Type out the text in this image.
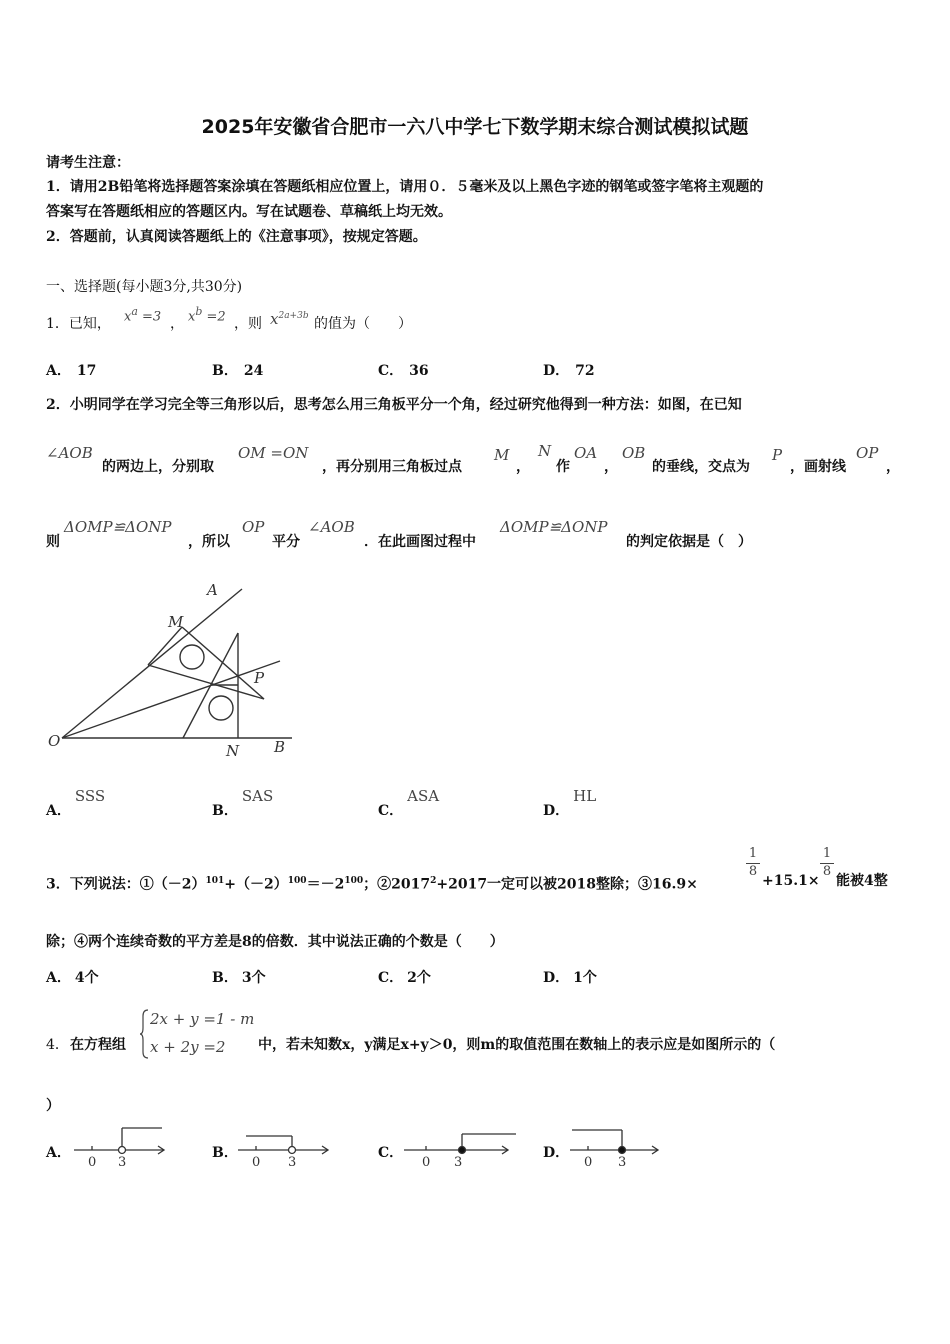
2025年安徽省合肥市一六八中学七下数学期末综合测试模拟试题
请考生注意：
1．请用2B铅笔将选择题答案涂填在答题纸相应位置上，请用０．５毫米及以上黑色字迹的钢笔或签字笔将主观题的
答案写在答题纸相应的答题区内。写在试题卷、草稿纸上均无效。
2．答题前，认真阅读答题纸上的《注意事项》，按规定答题。
一、选择题(每小题3分,共30分)
1．已知， $x^a =3$ ， $x^b =2$ ，则 x2a+3b 的值为（　　）
A． 17	B． 24	C． 36	D． 72
2．小明同学在学习完全等三角形以后，思考怎么用三角板平分一个角，经过研究他得到一种方法：如图，在已知
∠AOB
的两边上，分别取
OM =ON
，再分别用三角板过点
M
，
N
作
OA
，
OB
的垂线，交点为
P
，画射线
OP
，
则
ΔOMP≌ΔONP
，所以
OP
平分
∠AOB
．在此画图过程中
ΔOMP≌ΔONP
的判定依据是（　）
A
M
P
O
N B
A．SSS
B．SAS
C．ASA
D．HL
3．下列说法：$①(-2)^{101}+(-2)^{100}=-2^{100}$；$②2017^2+2017$一定可以被2018整除；③16.9×
1
8
+15.1×
1
8
能被4整
除；④两个连续奇数的平方差是8的倍数．其中说法正确的个数是（　　）
A． 4个	B． 3个	C． 2个	D． 1个
4． 在方程组
2x + y =1 - m
x + 2y =2 中，若未知数x，y满足x+y＞0，则m的取值范围在数轴上的表示应是如图所示的（
）
A．
0 3
B．
0 3
C．
0 3
D．
0 3
